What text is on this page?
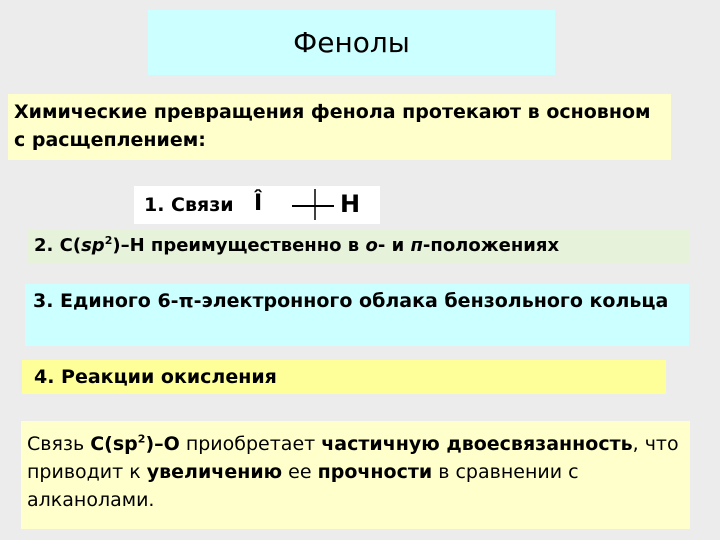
Фенолы
Химические превращения фенола протекают в основном с расщеплением:
1. Связи Î	Н
2. $С(sp^2)-Н$ преимущественно в о- и п-положениях
3. Единого 6-π-электронного облака бензольного кольца
4. Реакции окисления
Связь $С(sp^2)-О$ приобретает частичную двоесвязанность, что приводит к увеличению ее прочности в сравнении с алканолами.
